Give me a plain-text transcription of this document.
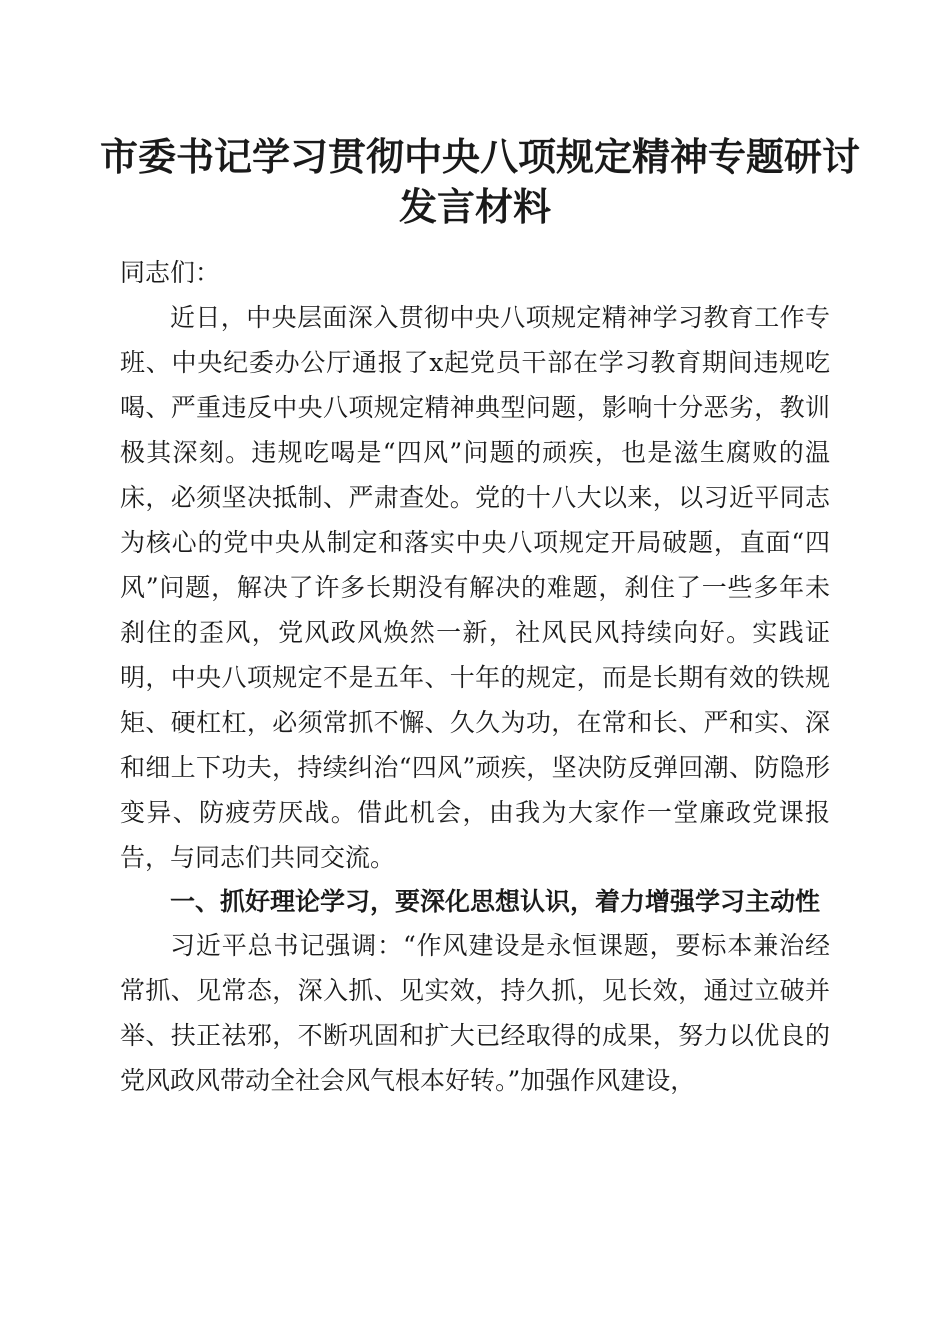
市委书记学习贯彻中央八项规定精神专题研讨
发言材料

同志们：

近日，中央层面深入贯彻中央八项规定精神学习教育工作专班、中央纪委办公厅通报了x起党员干部在学习教育期间违规吃喝、严重违反中央八项规定精神典型问题，影响十分恶劣，教训极其深刻。违规吃喝是“四风”问题的顽疾，也是滋生腐败的温床，必须坚决抵制、严肃查处。党的十八大以来，以习近平同志为核心的党中央从制定和落实中央八项规定开局破题，直面“四风”问题，解决了许多长期没有解决的难题，刹住了一些多年未刹住的歪风，党风政风焕然一新，社风民风持续向好。实践证明，中央八项规定不是五年、十年的规定，而是长期有效的铁规矩、硬杠杠，必须常抓不懈、久久为功，在常和长、严和实、深和细上下功夫，持续纠治“四风”顽疾，坚决防反弹回潮、防隐形变异、防疲劳厌战。借此机会，由我为大家作一堂廉政党课报告，与同志们共同交流。

一、抓好理论学习，要深化思想认识，着力增强学习主动性

习近平总书记强调：“作风建设是永恒课题，要标本兼治经常抓、见常态，深入抓、见实效，持久抓，见长效，通过立破并举、扶正祛邪，不断巩固和扩大已经取得的成果，努力以优良的党风政风带动全社会风气根本好转。”加强作风建设，
